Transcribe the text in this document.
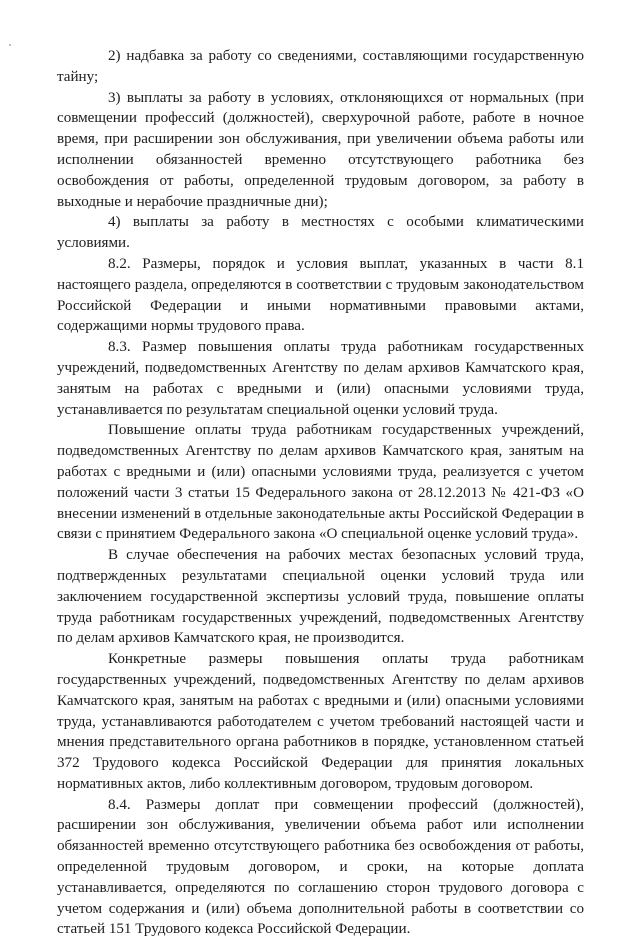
2) надбавка за работу со сведениями, составляющими государственную тайну;

3) выплаты за работу в условиях, отклоняющихся от нормальных (при совмещении профессий (должностей), сверхурочной работе, работе в ночное время, при расширении зон обслуживания, при увеличении объема работы или исполнении обязанностей временно отсутствующего работника без освобождения от работы, определенной трудовым договором, за работу в выходные и нерабочие праздничные дни);

4) выплаты за работу в местностях с особыми климатическими условиями.

8.2. Размеры, порядок и условия выплат, указанных в части 8.1 настоящего раздела, определяются в соответствии с трудовым законодательством Российской Федерации и иными нормативными правовыми актами, содержащими нормы трудового права.

8.3. Размер повышения оплаты труда работникам государственных учреждений, подведомственных Агентству по делам архивов Камчатского края, занятым на работах с вредными и (или) опасными условиями труда, устанавливается по результатам специальной оценки условий труда.

Повышение оплаты труда работникам государственных учреждений, подведомственных Агентству по делам архивов Камчатского края, занятым на работах с вредными и (или) опасными условиями труда, реализуется с учетом положений части 3 статьи 15 Федерального закона от 28.12.2013 № 421-ФЗ «О внесении изменений в отдельные законодательные акты Российской Федерации в связи с принятием Федерального закона «О специальной оценке условий труда».

В случае обеспечения на рабочих местах безопасных условий труда, подтвержденных результатами специальной оценки условий труда или заключением государственной экспертизы условий труда, повышение оплаты труда работникам государственных учреждений, подведомственных Агентству по делам архивов Камчатского края, не производится.

Конкретные размеры повышения оплаты труда работникам государственных учреждений, подведомственных Агентству по делам архивов Камчатского края, занятым на работах с вредными и (или) опасными условиями труда, устанавливаются работодателем с учетом требований настоящей части и мнения представительного органа работников в порядке, установленном статьей 372 Трудового кодекса Российской Федерации для принятия локальных нормативных актов, либо коллективным договором, трудовым договором.

8.4. Размеры доплат при совмещении профессий (должностей), расширении зон обслуживания, увеличении объема работ или исполнении обязанностей временно отсутствующего работника без освобождения от работы, определенной трудовым договором, и сроки, на которые доплата устанавливается, определяются по соглашению сторон трудового договора с учетом содержания и (или) объема дополнительной работы в соответствии со статьей 151 Трудового кодекса Российской Федерации.
